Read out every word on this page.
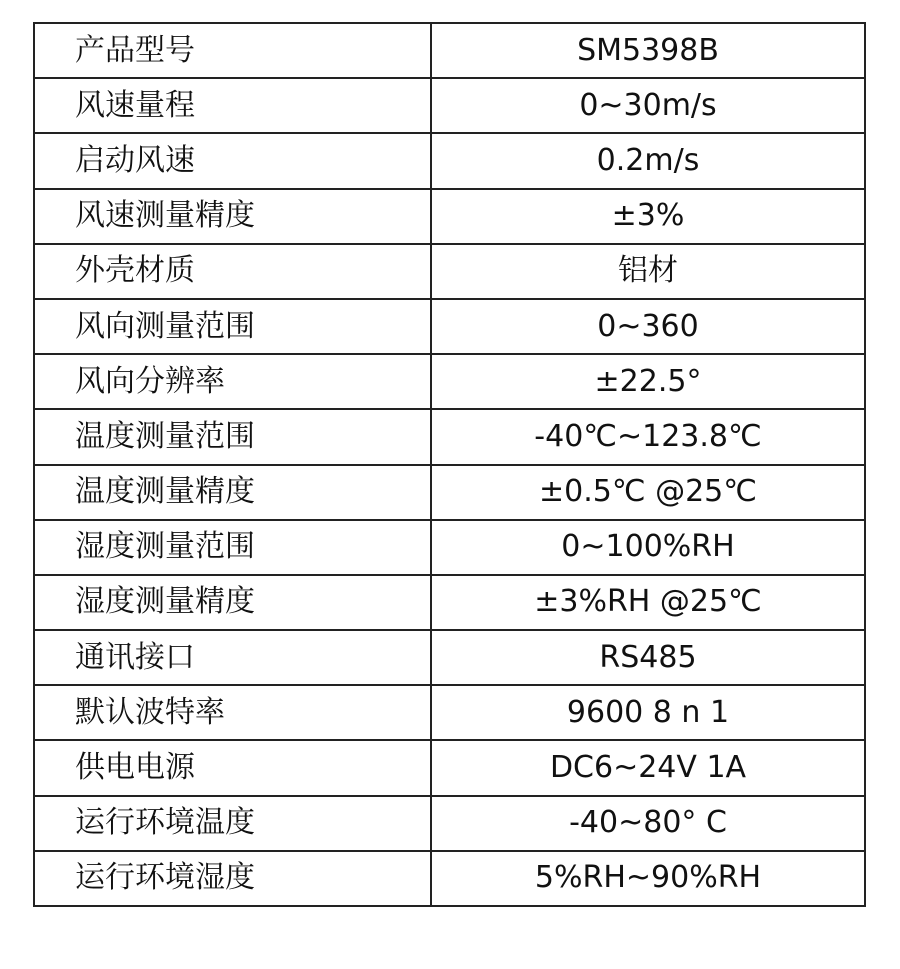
产品型号	SM5398B
风速量程	0~30m/s
启动风速	0.2m/s
风速测量精度	±3%
外壳材质	铝材
风向测量范围	0~360
风向分辨率	±22.5°
温度测量范围	-40℃~123.8℃
温度测量精度	±0.5℃ @25℃
湿度测量范围	0~100%RH
湿度测量精度	±3%RH @25℃
通讯接口	RS485
默认波特率	9600 8 n 1
供电电源	DC6~24V 1A
运行环境温度	-40~80° C
运行环境湿度	5%RH~90%RH
